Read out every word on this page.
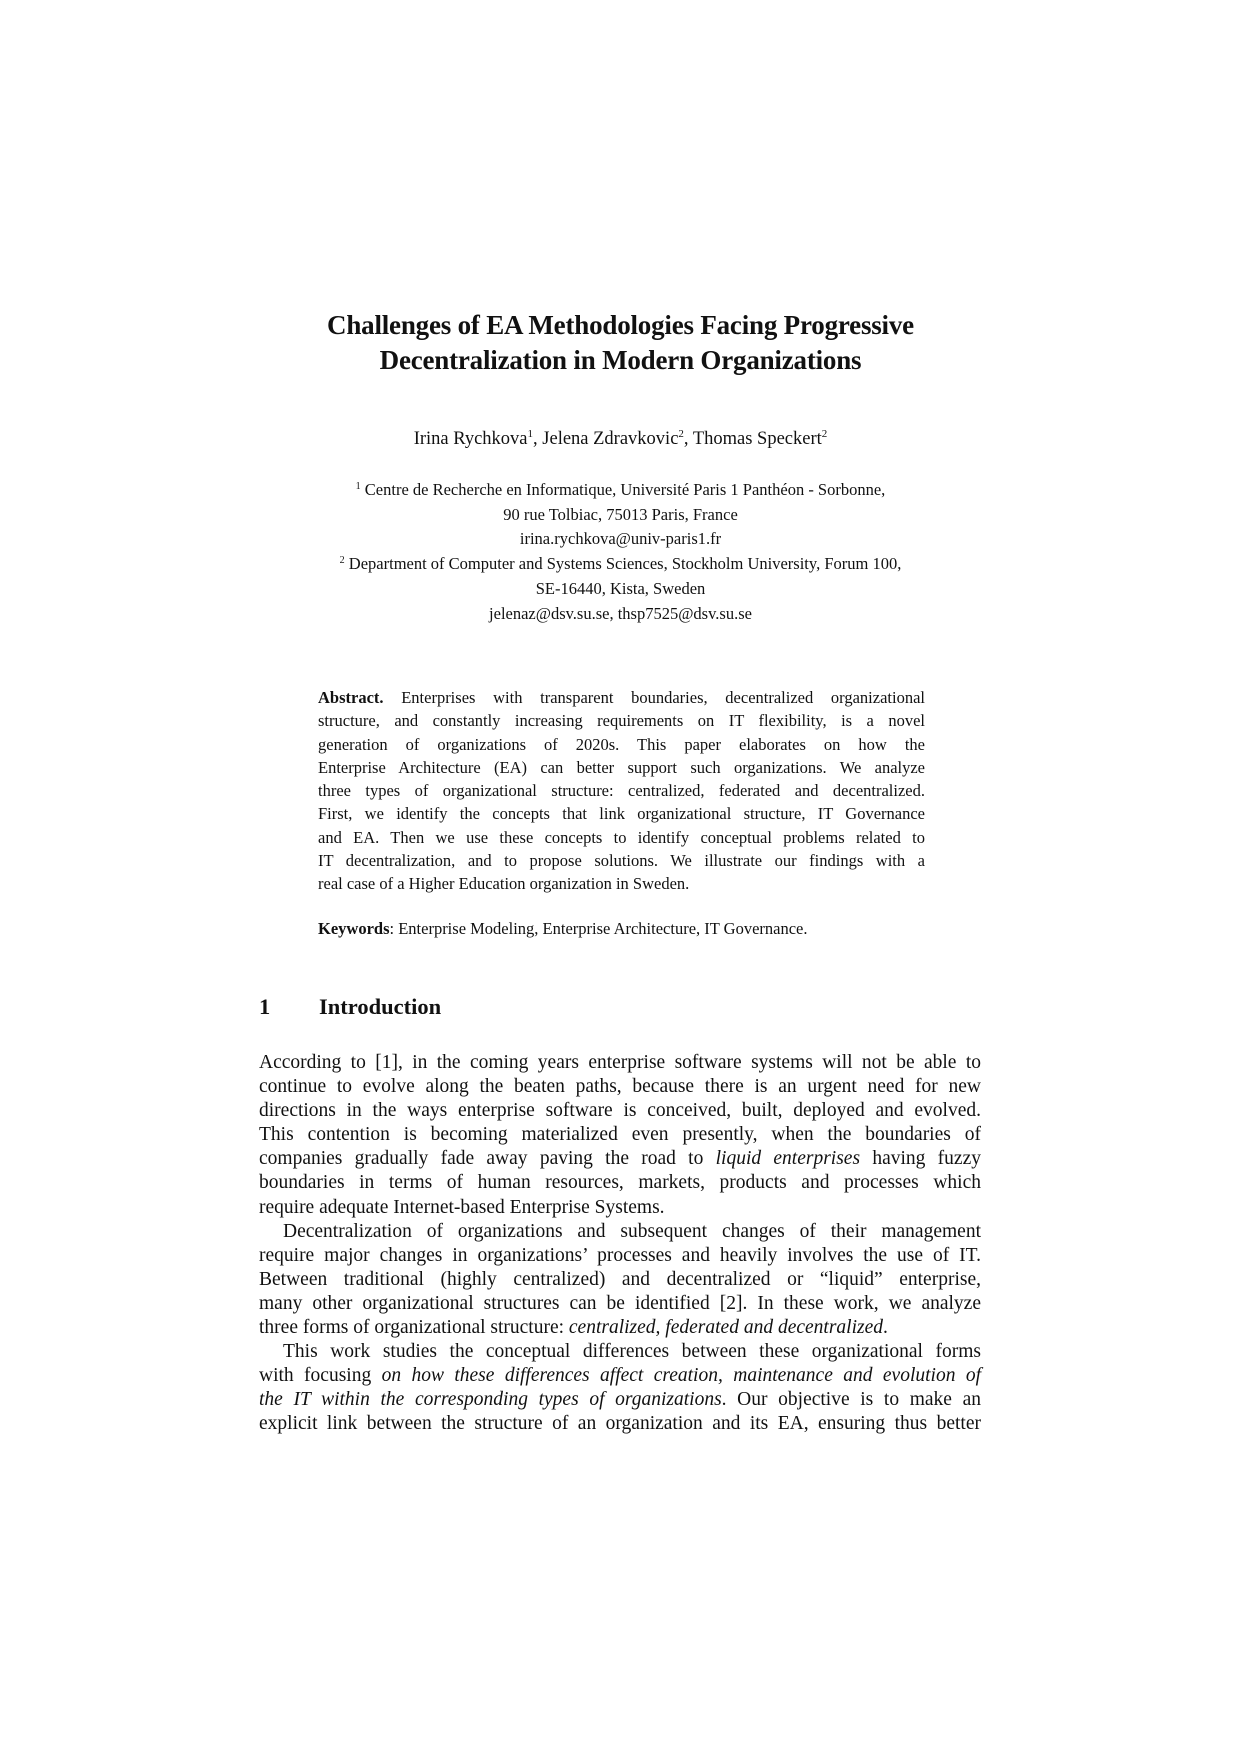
Challenges of EA Methodologies Facing Progressive
Decentralization in Modern Organizations
Irina Rychkova$^1$, Jelena Zdravkovic$^2$, Thomas Speckert$^2$
$^1$ Centre de Recherche en Informatique, Université Paris 1 Panthéon - Sorbonne,
90 rue Tolbiac, 75013 Paris, France
irina.rychkova@univ-paris1.fr
$^2$ Department of Computer and Systems Sciences, Stockholm University, Forum 100,
SE-16440, Kista, Sweden
jelenaz@dsv.su.se, thsp7525@dsv.su.se
Abstract. Enterprises with transparent boundaries, decentralized organizational
structure, and constantly increasing requirements on IT flexibility, is a novel
generation of organizations of 2020s. This paper elaborates on how the
Enterprise Architecture (EA) can better support such organizations. We analyze
three types of organizational structure: centralized, federated and decentralized.
First, we identify the concepts that link organizational structure, IT Governance
and EA. Then we use these concepts to identify conceptual problems related to
IT decentralization, and to propose solutions. We illustrate our findings with a
real case of a Higher Education organization in Sweden.
Keywords: Enterprise Modeling, Enterprise Architecture, IT Governance.
1 Introduction
According to [1], in the coming years enterprise software systems will not be able to
continue to evolve along the beaten paths, because there is an urgent need for new
directions in the ways enterprise software is conceived, built, deployed and evolved.
This contention is becoming materialized even presently, when the boundaries of
companies gradually fade away paving the road to liquid enterprises having fuzzy
boundaries in terms of human resources, markets, products and processes which
require adequate Internet-based Enterprise Systems.
Decentralization of organizations and subsequent changes of their management
require major changes in organizations’ processes and heavily involves the use of IT.
Between traditional (highly centralized) and decentralized or “liquid” enterprise,
many other organizational structures can be identified [2]. In these work, we analyze
three forms of organizational structure: centralized, federated and decentralized.
This work studies the conceptual differences between these organizational forms
with focusing on how these differences affect creation, maintenance and evolution of
the IT within the corresponding types of organizations. Our objective is to make an
explicit link between the structure of an organization and its EA, ensuring thus better
